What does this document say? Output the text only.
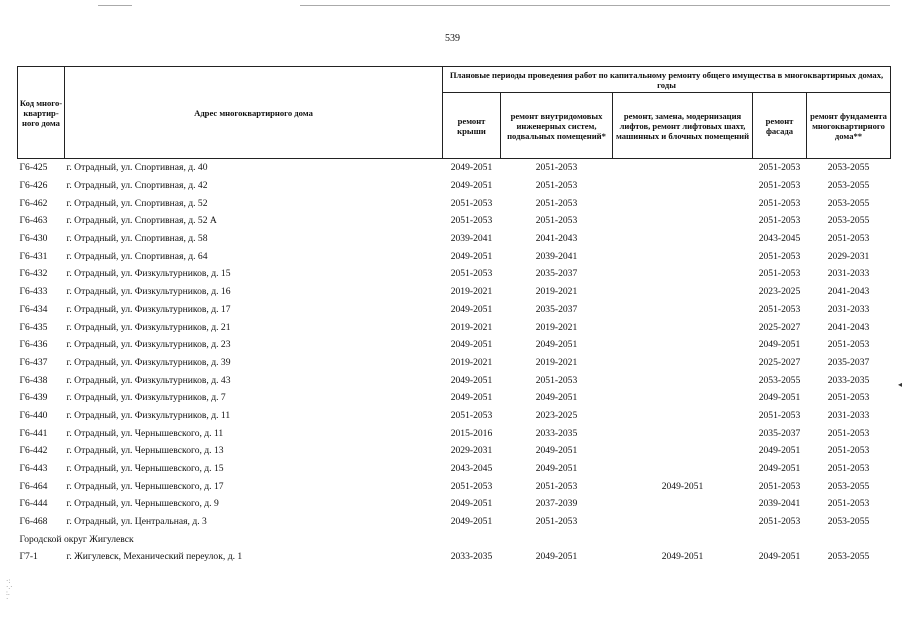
539
Код много-квартир-ного дома	Адрес многоквартирного дома	Плановые периоды проведения работ по капитальному ремонту общего имущества в многоквартирных домах, годы				
		ремонт крыши	ремонт внутридомовых инженерных систем, подвальных помещений*	ремонт, замена, модернизация лифтов, ремонт лифтовых шахт, машинных и блочных помещений	ремонт фасада	ремонт фундамента многоквартирного дома**
Г6-425	г. Отрадный, ул. Спортивная, д. 40	2049-2051	2051-2053		2051-2053	2053-2055
Г6-426	г. Отрадный, ул. Спортивная, д. 42	2049-2051	2051-2053		2051-2053	2053-2055
Г6-462	г. Отрадный, ул. Спортивная, д. 52	2051-2053	2051-2053		2051-2053	2053-2055
Г6-463	г. Отрадный, ул. Спортивная, д. 52 А	2051-2053	2051-2053		2051-2053	2053-2055
Г6-430	г. Отрадный, ул. Спортивная, д. 58	2039-2041	2041-2043		2043-2045	2051-2053
Г6-431	г. Отрадный, ул. Спортивная, д. 64	2049-2051	2039-2041		2051-2053	2029-2031
Г6-432	г. Отрадный, ул. Физкультурников, д. 15	2051-2053	2035-2037		2051-2053	2031-2033
Г6-433	г. Отрадный, ул. Физкультурников, д. 16	2019-2021	2019-2021		2023-2025	2041-2043
Г6-434	г. Отрадный, ул. Физкультурников, д. 17	2049-2051	2035-2037		2051-2053	2031-2033
Г6-435	г. Отрадный, ул. Физкультурников, д. 21	2019-2021	2019-2021		2025-2027	2041-2043
Г6-436	г. Отрадный, ул. Физкультурников, д. 23	2049-2051	2049-2051		2049-2051	2051-2053
Г6-437	г. Отрадный, ул. Физкультурников, д. 39	2019-2021	2019-2021		2025-2027	2035-2037
Г6-438	г. Отрадный, ул. Физкультурников, д. 43	2049-2051	2051-2053		2053-2055	2033-2035
Г6-439	г. Отрадный, ул. Физкультурников, д. 7	2049-2051	2049-2051		2049-2051	2051-2053
Г6-440	г. Отрадный, ул. Физкультурников, д. 11	2051-2053	2023-2025		2051-2053	2031-2033
Г6-441	г. Отрадный, ул. Чернышевского, д. 11	2015-2016	2033-2035		2035-2037	2051-2053
Г6-442	г. Отрадный, ул. Чернышевского, д. 13	2029-2031	2049-2051		2049-2051	2051-2053
Г6-443	г. Отрадный, ул. Чернышевского, д. 15	2043-2045	2049-2051		2049-2051	2051-2053
Г6-464	г. Отрадный, ул. Чернышевского, д. 17	2051-2053	2051-2053	2049-2051	2051-2053	2053-2055
Г6-444	г. Отрадный, ул. Чернышевского, д. 9	2049-2051	2037-2039		2039-2041	2051-2053
Г6-468	г. Отрадный, ул. Центральная, д. 3	2049-2051	2051-2053		2051-2053	2053-2055
Городской округ Жигулевск						
Г7-1	г. Жигулевск, Механический переулок, д. 1	2033-2035	2049-2051	2049-2051	2049-2051	2053-2055
◂
·:
·.·
:.
·
